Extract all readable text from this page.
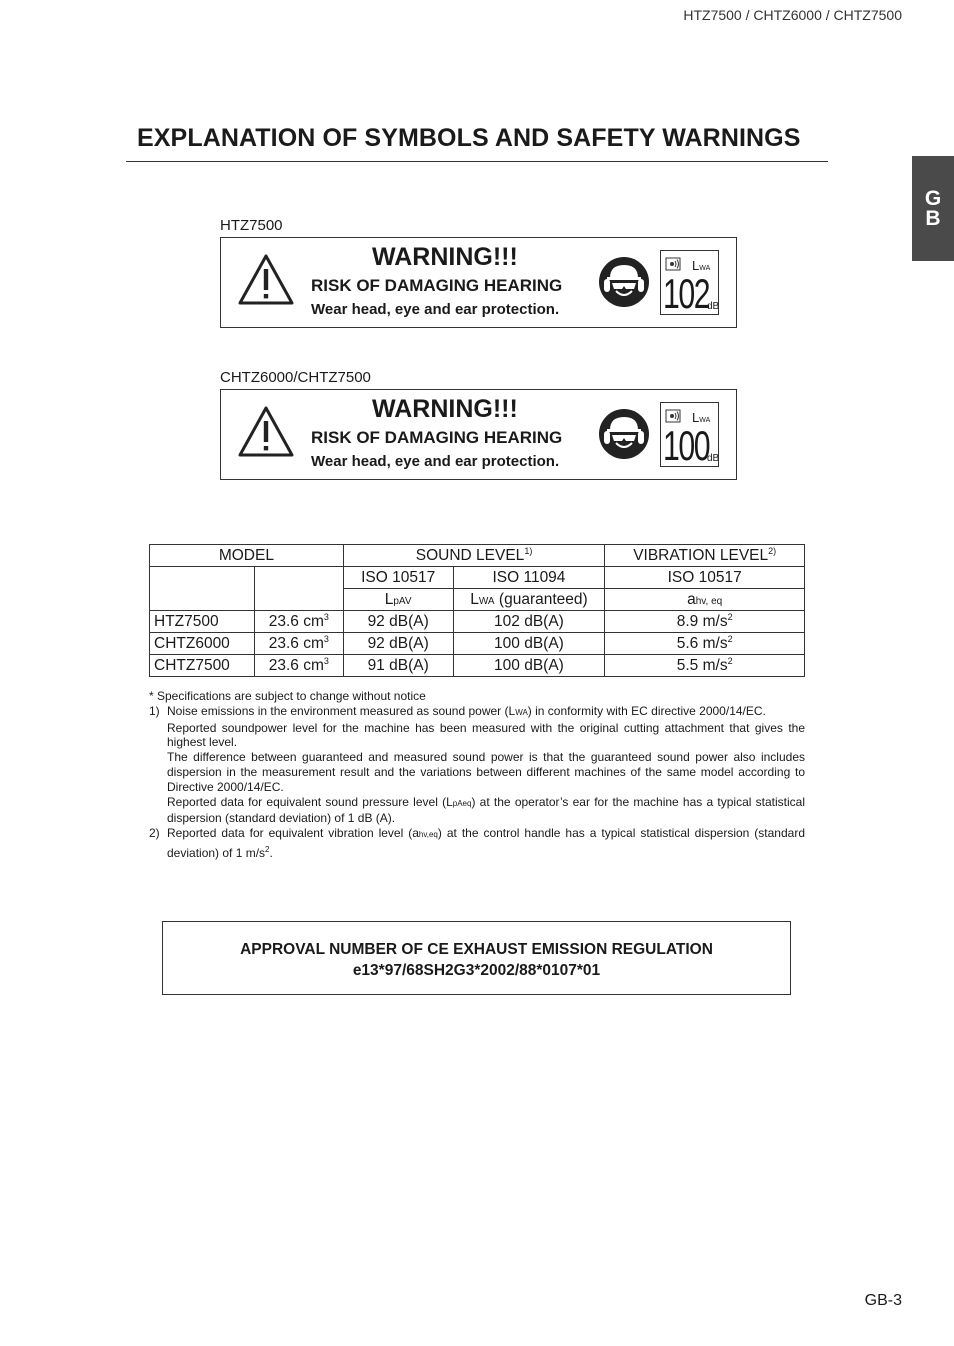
HTZ7500 / CHTZ6000 / CHTZ7500
EXPLANATION OF SYMBOLS AND SAFETY WARNINGS
G
B
HTZ7500
WARNING!!!
RISK OF DAMAGING HEARING
Wear head, eye and ear protection.
LWA
102
dB
CHTZ6000/CHTZ7500
WARNING!!!
RISK OF DAMAGING HEARING
Wear head, eye and ear protection.
LWA
100
dB
MODEL		SOUND LEVEL$^{1)}$		VIBRATION LEVEL$^{2)}$
		ISO 10517	ISO 11094	ISO 10517
		LpAV	LWA (guaranteed)	ahv, eq
HTZ7500	23.6 $cm^3$	92 dB(A)	102 dB(A)	8.9 $m/s^2$
CHTZ6000	23.6 $cm^3$	92 dB(A)	100 dB(A)	5.6 $m/s^2$
CHTZ7500	23.6 $cm^3$	91 dB(A)	100 dB(A)	5.5 $m/s^2$
* Specifications are subject to change without notice
1) Noise emissions in the environment measured as sound power (LWA) in conformity with EC directive 2000/14/EC.
Reported soundpower level for the machine has been measured with the original cutting attachment that gives the highest level.
The difference between guaranteed and measured sound power is that the guaranteed sound power also includes dispersion in the measurement result and the variations between different machines of the same model according to Directive 2000/14/EC.
Reported data for equivalent sound pressure level (LpAeq) at the operator’s ear for the machine has a typical statistical dispersion (standard deviation) of 1 dB (A).
2) Reported data for equivalent vibration level (ahv,eq) at the control handle has a typical statistical dispersion (standard deviation) of 1 $m/s^2$.
APPROVAL NUMBER OF CE EXHAUST EMISSION REGULATION
e13*97/68SH2G3*2002/88*0107*01
GB-3
